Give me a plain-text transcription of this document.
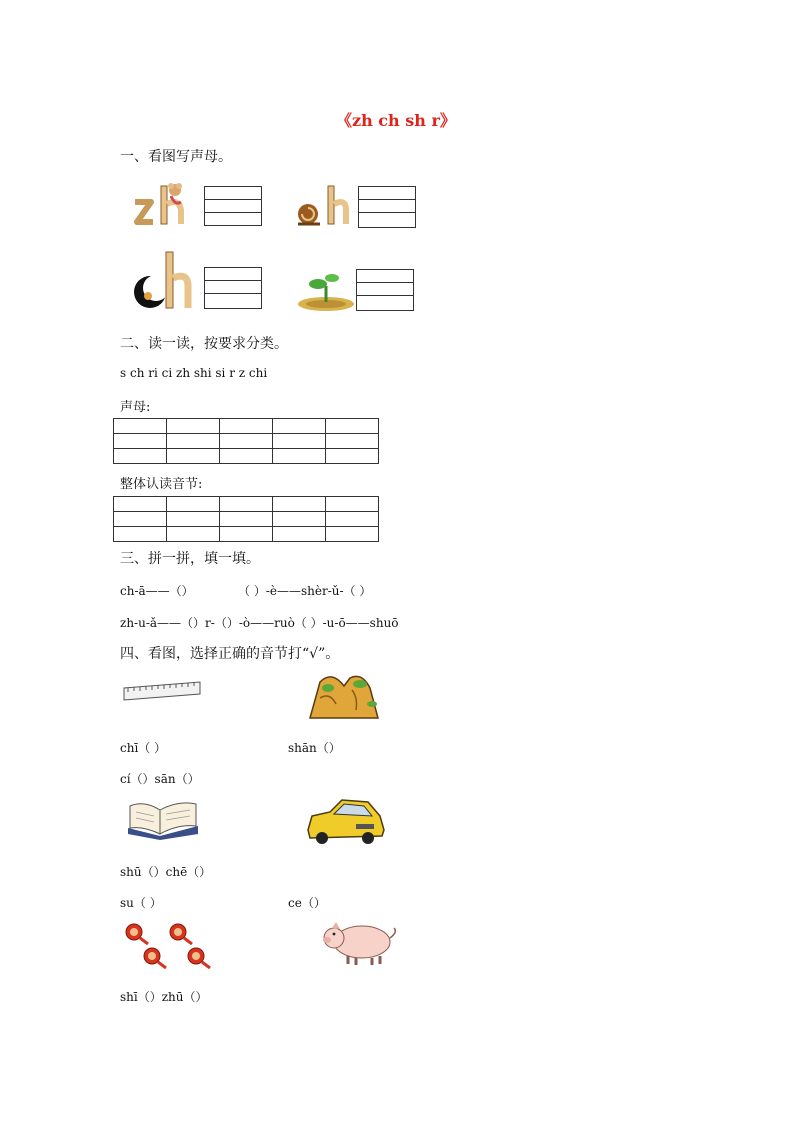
《zh ch sh r》
一、看图写声母。
二、读一读，按要求分类。
s ch ri ci zh shi si r z chi
声母:

整体认读音节:

三、拼一拼，填一填。
ch-ā——（）	（ ）-è——shèr-ǔ-（ ）
zh-u-ǎ——（）r-（）-ò——ruò（ ）-u-ō——shuō
四、看图，选择正确的音节打“√”。
chī（ ）	shān（）
cí（）sān（）
shū（）chē（）
su（ ）	ce（）
shī（）zhū（）
